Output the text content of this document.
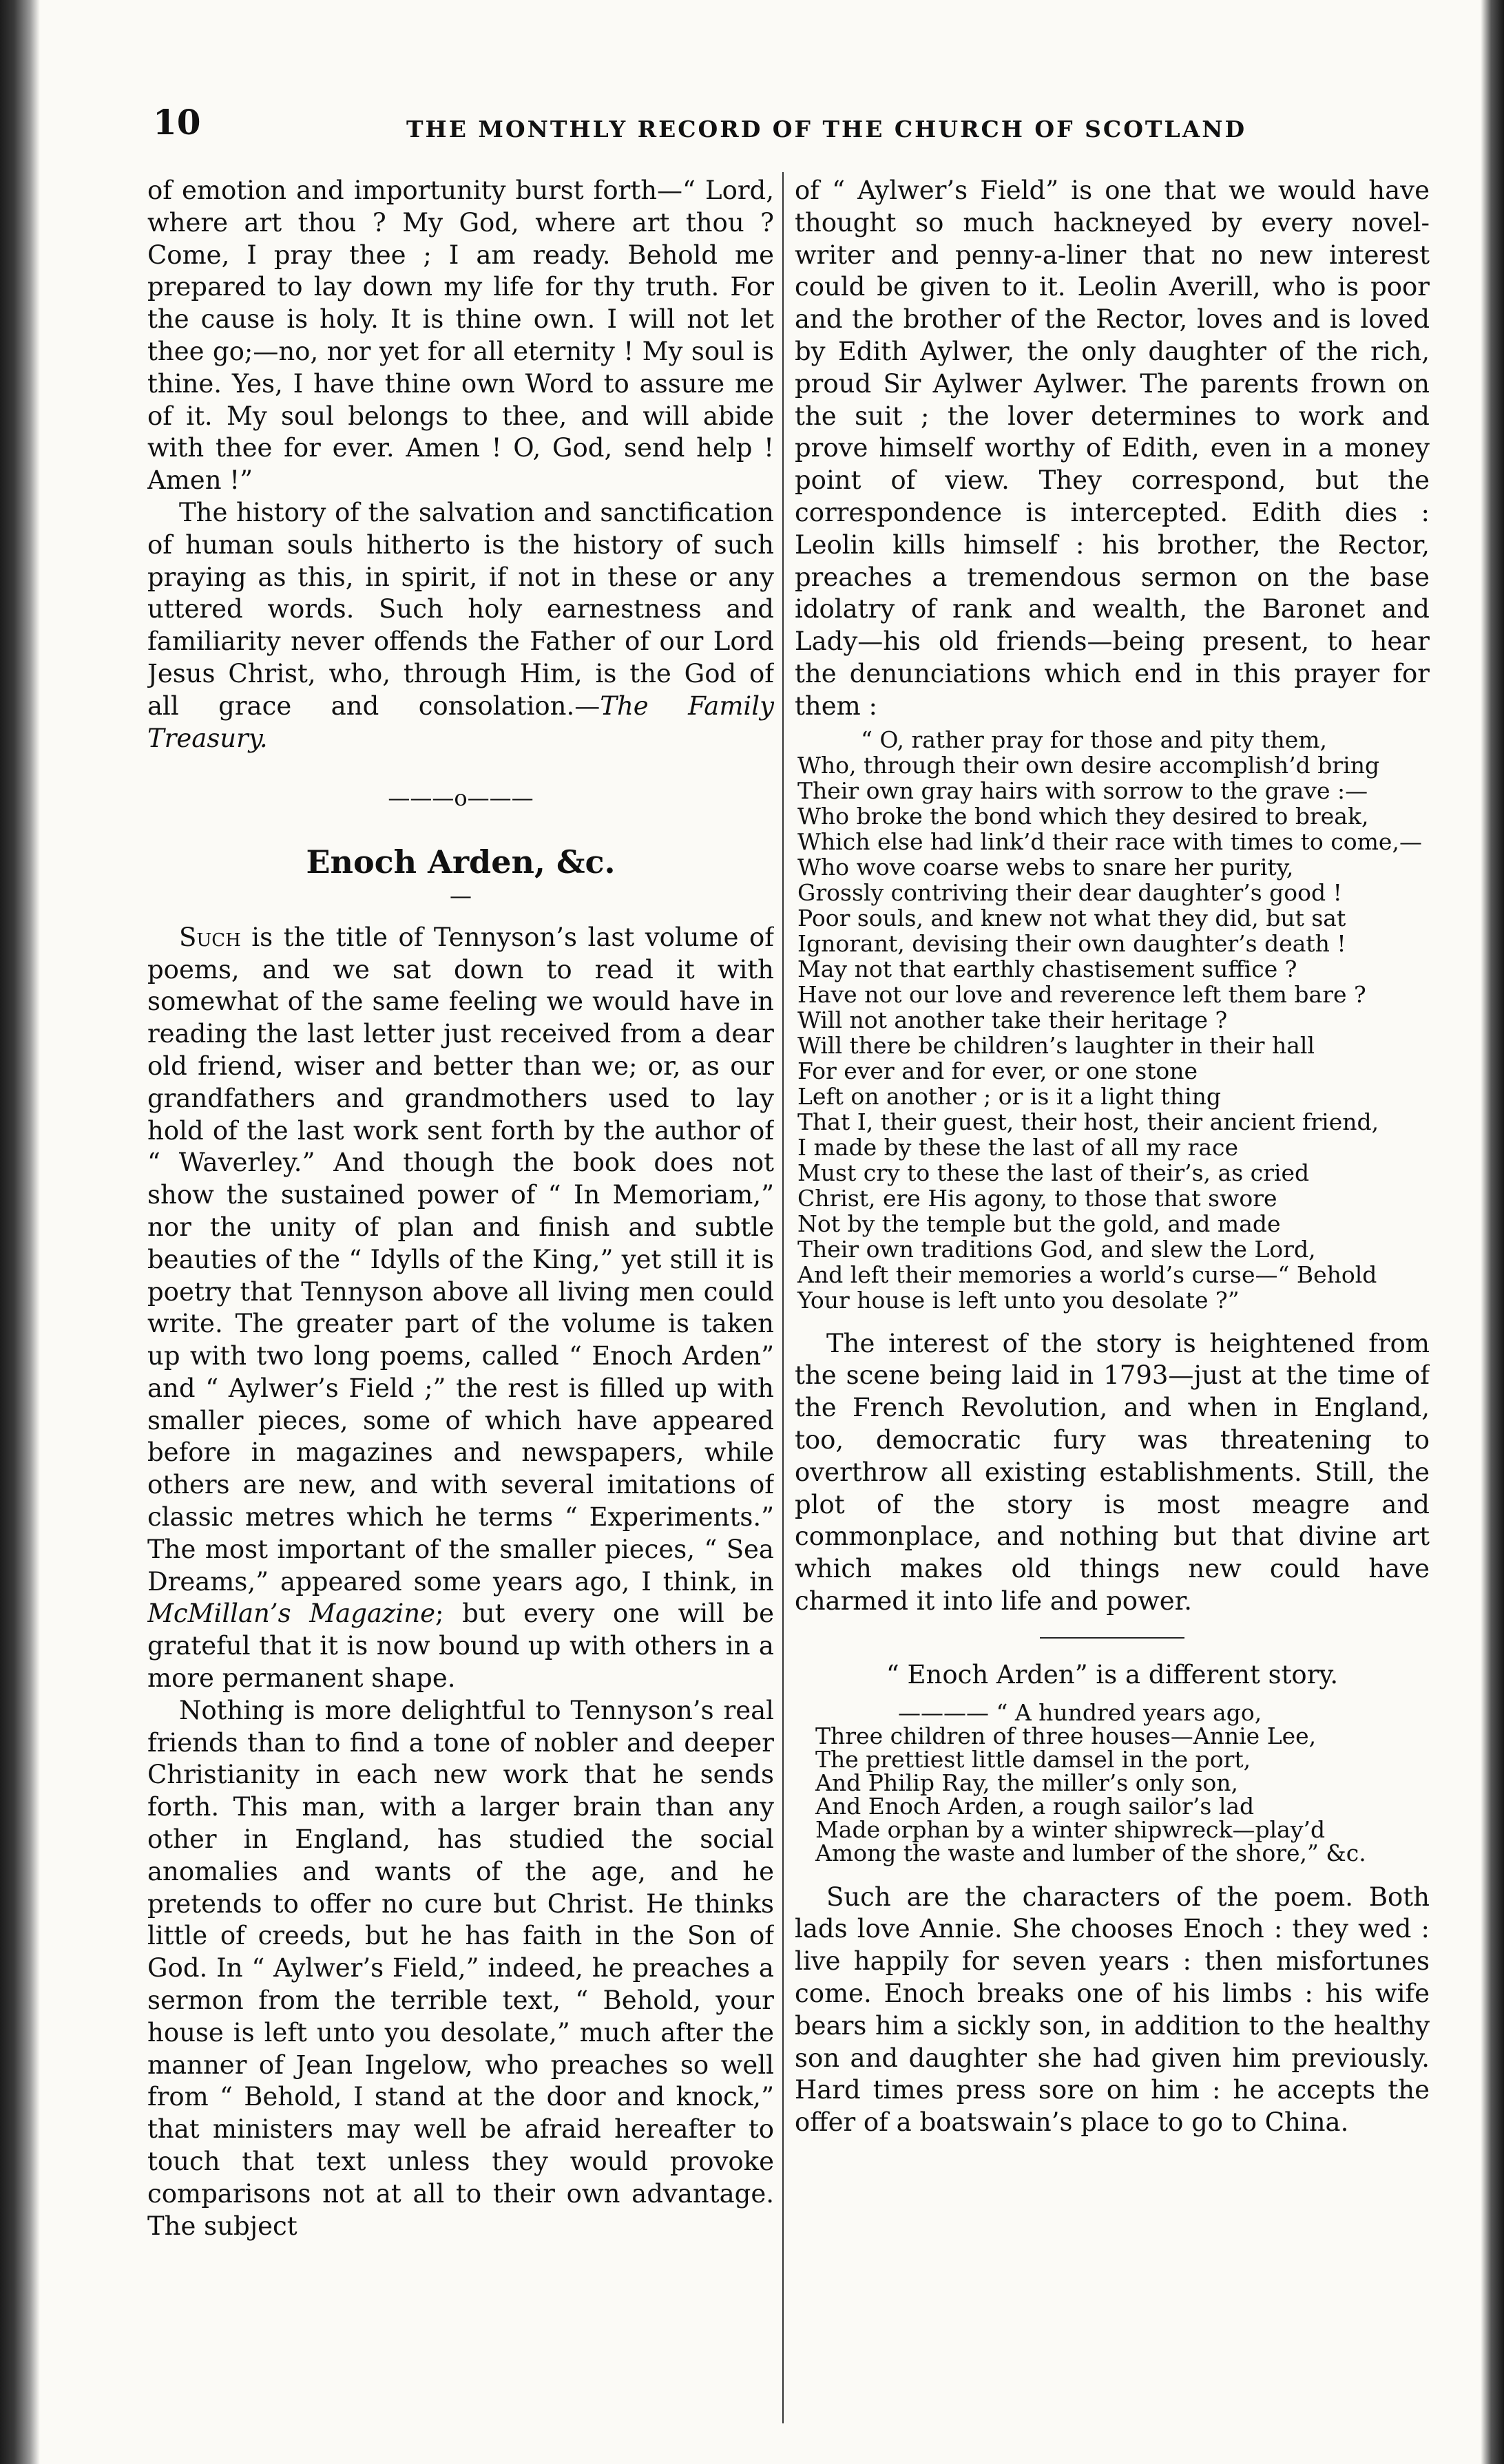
10	THE MONTHLY RECORD OF THE CHURCH OF SCOTLAND

of emotion and importunity burst forth—“ Lord, where art thou ? My God, where art thou ? Come, I pray thee ; I am ready. Behold me prepared to lay down my life for thy truth. For the cause is holy. It is thine own. I will not let thee go;—no, nor yet for all eternity ! My soul is thine. Yes, I have thine own Word to assure me of it. My soul belongs to thee, and will abide with thee for ever. Amen ! O, God, send help ! Amen !”

The history of the salvation and sanctification of human souls hitherto is the history of such praying as this, in spirit, if not in these or any uttered words. Such holy earnestness and familiarity never offends the Father of our Lord Jesus Christ, who, through Him, is the God of all grace and consolation.—The Family Treasury.

———o———
Enoch Arden, &c.
—

Such is the title of Tennyson’s last volume of poems, and we sat down to read it with somewhat of the same feeling we would have in reading the last letter just received from a dear old friend, wiser and better than we; or, as our grandfathers and grandmothers used to lay hold of the last work sent forth by the author of “ Waverley.” And though the book does not show the sustained power of “ In Memoriam,” nor the unity of plan and finish and subtle beauties of the “ Idylls of the King,” yet still it is poetry that Tennyson above all living men could write. The greater part of the volume is taken up with two long poems, called “ Enoch Arden” and “ Aylwer’s Field ;” the rest is filled up with smaller pieces, some of which have appeared before in magazines and newspapers, while others are new, and with several imitations of classic metres which he terms “ Experiments.” The most important of the smaller pieces, “ Sea Dreams,” appeared some years ago, I think, in McMillan’s Magazine; but every one will be grateful that it is now bound up with others in a more permanent shape.

Nothing is more delightful to Tennyson’s real friends than to find a tone of nobler and deeper Christianity in each new work that he sends forth. This man, with a larger brain than any other in England, has studied the social anomalies and wants of the age, and he pretends to offer no cure but Christ. He thinks little of creeds, but he has faith in the Son of God. In “ Aylwer’s Field,” indeed, he preaches a sermon from the terrible text, “ Behold, your house is left unto you desolate,” much after the manner of Jean Ingelow, who preaches so well from “ Behold, I stand at the door and knock,” that ministers may well be afraid hereafter to touch that text unless they would provoke comparisons not at all to their own advantage. The subject

of “ Aylwer’s Field” is one that we would have thought so much hackneyed by every novel-writer and penny-a-liner that no new interest could be given to it. Leolin Averill, who is poor and the brother of the Rector, loves and is loved by Edith Aylwer, the only daughter of the rich, proud Sir Aylwer Aylwer. The parents frown on the suit ; the lover determines to work and prove himself worthy of Edith, even in a money point of view. They correspond, but the correspondence is intercepted. Edith dies : Leolin kills himself : his brother, the Rector, preaches a tremendous sermon on the base idolatry of rank and wealth, the Baronet and Lady—his old friends—being present, to hear the denunciations which end in this prayer for them :

“ O, rather pray for those and pity them,
Who, through their own desire accomplish’d bring
Their own gray hairs with sorrow to the grave :—
Who broke the bond which they desired to break,
Which else had link’d their race with times to come,—
Who wove coarse webs to snare her purity,
Grossly contriving their dear daughter’s good !
Poor souls, and knew not what they did, but sat
Ignorant, devising their own daughter’s death !
May not that earthly chastisement suffice ?
Have not our love and reverence left them bare ?
Will not another take their heritage ?
Will there be children’s laughter in their hall
For ever and for ever, or one stone
Left on another ; or is it a light thing
That I, their guest, their host, their ancient friend,
I made by these the last of all my race
Must cry to these the last of their’s, as cried
Christ, ere His agony, to those that swore
Not by the temple but the gold, and made
Their own traditions God, and slew the Lord,
And left their memories a world’s curse—“ Behold
Your house is left unto you desolate ?”

The interest of the story is heightened from the scene being laid in 1793—just at the time of the French Revolution, and when in England, too, democratic fury was threatening to overthrow all existing establishments. Still, the plot of the story is most meagre and commonplace, and nothing but that divine art which makes old things new could have charmed it into life and power.

“ Enoch Arden” is a different story.
———— “ A hundred years ago,
Three children of three houses—Annie Lee,
The prettiest little damsel in the port,
And Philip Ray, the miller’s only son,
And Enoch Arden, a rough sailor’s lad
Made orphan by a winter shipwreck—play’d
Among the waste and lumber of the shore,” &c.

Such are the characters of the poem. Both lads love Annie. She chooses Enoch : they wed : live happily for seven years : then misfortunes come. Enoch breaks one of his limbs : his wife bears him a sickly son, in addition to the healthy son and daughter she had given him previously. Hard times press sore on him : he accepts the offer of a boatswain’s place to go to China.
